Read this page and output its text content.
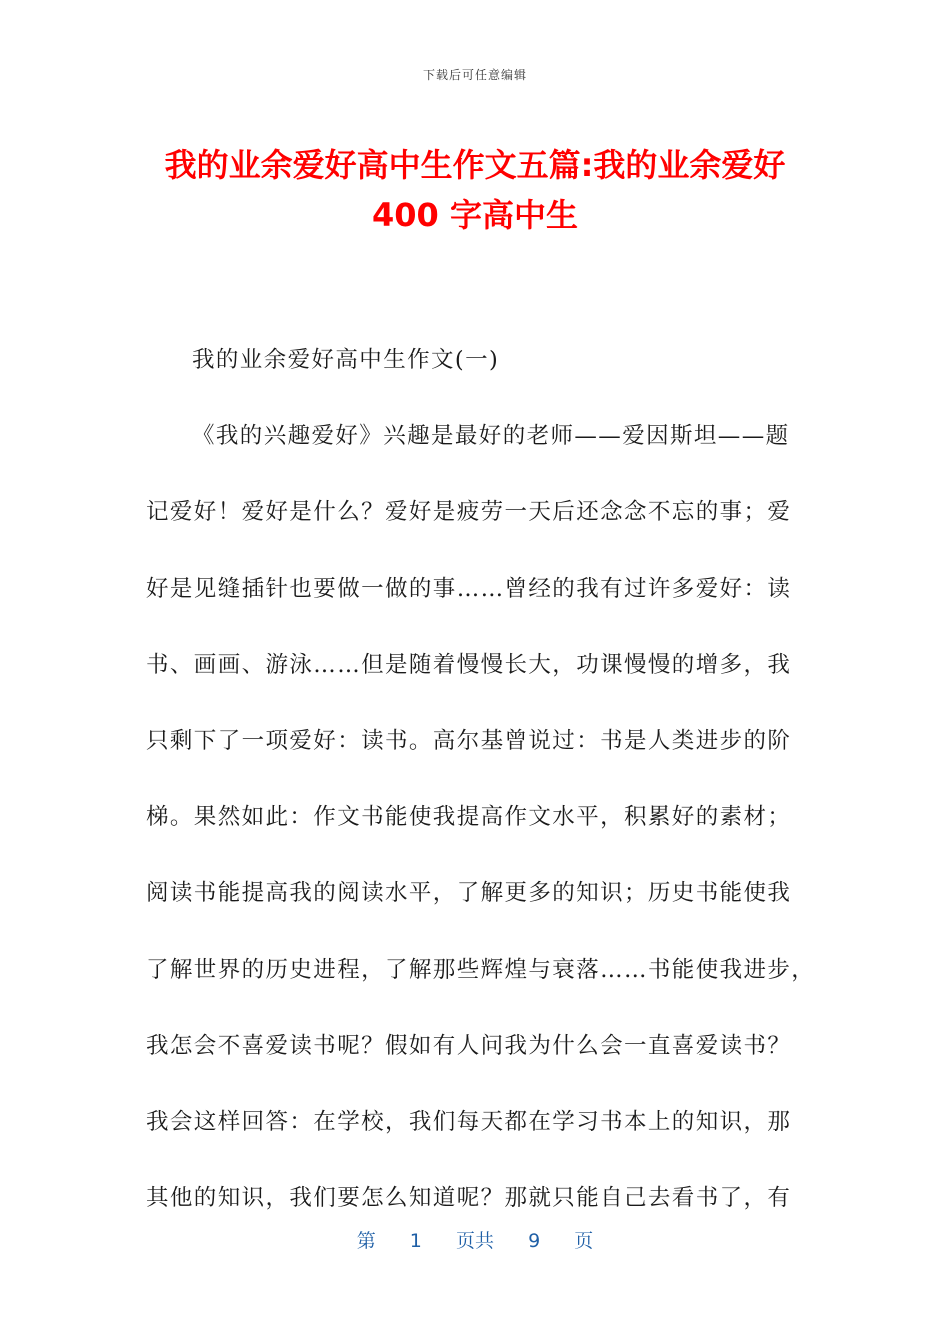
下载后可任意编辑
我的业余爱好高中生作文五篇:我的业余爱好
400 字高中生
我的业余爱好高中生作文(一)
《我的兴趣爱好》兴趣是最好的老师——爱因斯坦——题
记爱好！爱好是什么？爱好是疲劳一天后还念念不忘的事；爱
好是见缝插针也要做一做的事……曾经的我有过许多爱好：读
书、画画、游泳……但是随着慢慢长大，功课慢慢的增多，我
只剩下了一项爱好：读书。高尔基曾说过：书是人类进步的阶
梯。果然如此：作文书能使我提高作文水平，积累好的素材；
阅读书能提高我的阅读水平，了解更多的知识；历史书能使我
了解世界的历史进程，了解那些辉煌与衰落……书能使我进步，
我怎会不喜爱读书呢？假如有人问我为什么会一直喜爱读书？
我会这样回答：在学校，我们每天都在学习书本上的知识，那
其他的知识，我们要怎么知道呢？那就只能自己去看书了，有
第 1 页共 9 页
